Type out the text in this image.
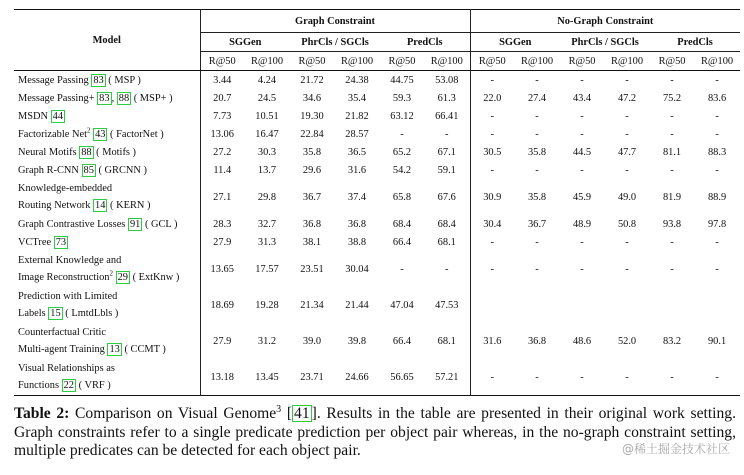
Model	Graph Constraint						No-Graph Constraint					
	SGGen		PhrCls / SGCls		PredCls		SGGen		PhrCls / SGCls		PredCls	
	R@50	R@100	R@50	R@100	R@50	R@100	R@50	R@100	R@50	R@100	R@50	R@100

Message Passing 83 ( MSP )	3.44	4.24	21.72	24.38	44.75	53.08	-	-	-	-	-	-

Message Passing+ 83 , 88 ( MSP+ )	20.7	24.5	34.6	35.4	59.3	61.3	22.0	27.4	43.4	47.2	75.2	83.6

MSDN 44	7.73	10.51	19.30	21.82	63.12	66.41	-	-	-	-	-	-

Factorizable Net$^2$ 43 ( FactorNet )	13.06	16.47	22.84	28.57	-	-	-	-	-	-	-	-

Neural Motifs 88 ( Motifs )	27.2	30.3	35.8	36.5	65.2	67.1	30.5	35.8	44.5	47.7	81.1	88.3

Graph R-CNN 85 ( GRCNN )	11.4	13.7	29.6	31.6	54.2	59.1	-	-	-	-	-	-

Knowledge-embedded
Routing Network 14 ( KERN )	27.1	29.8	36.7	37.4	65.8	67.6	30.9	35.8	45.9	49.0	81.9	88.9

Graph Contrastive Losses 91 ( GCL )	28.3	32.7	36.8	36.8	68.4	68.4	30.4	36.7	48.9	50.8	93.8	97.8

VCTree 73	27.9	31.3	38.1	38.8	66.4	68.1	-	-	-	-	-	-

External Knowledge and
Image Reconstruction$^2$ 29 ( ExtKnw )	13.65	17.57	23.51	30.04	-	-	-	-	-	-	-	-

Prediction with Limited
Labels 15 ( LmtdLbls )	18.69	19.28	21.34	21.44	47.04	47.53						

Counterfactual Critic
Multi-agent Training 13 ( CCMT )	27.9	31.2	39.0	39.8	66.4	68.1	31.6	36.8	48.6	52.0	83.2	90.1

Visual Relationships as
Functions 22 ( VRF )	13.18	13.45	23.71	24.66	56.65	57.21	-	-	-	-	-	-
Table 2: Comparison on Visual Genome$^3$ [ 41 ]. Results in the table are presented in their original work setting. Graph constraints refer to a single predicate prediction per object pair whereas, in the no-graph constraint setting, multiple predicates can be detected for each object pair.	@稀土掘金技术社区
